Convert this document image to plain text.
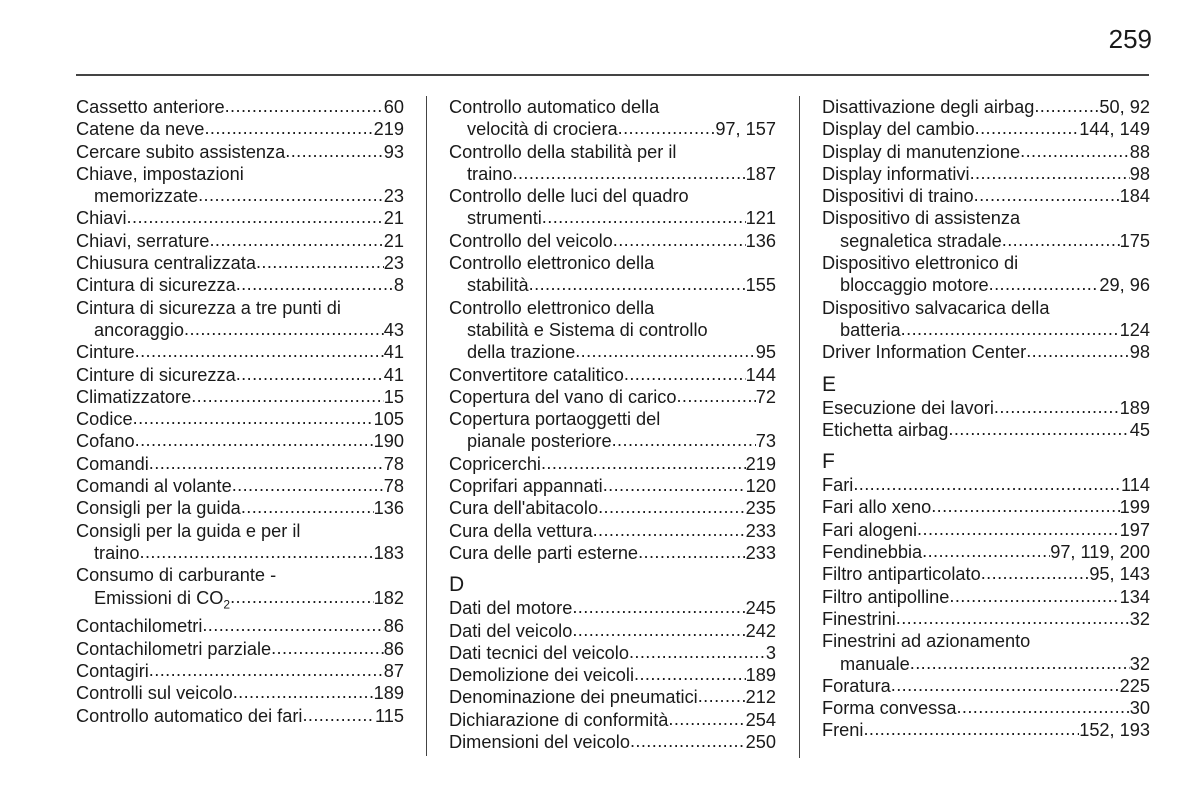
259
Cassetto anteriore .....	60
Catene da neve .....	219
Cercare subito assistenza .....	93
Chiave, impostazioni
memorizzate .....	23
Chiavi .....	21
Chiavi, serrature .....	21
Chiusura centralizzata .....	23
Cintura di sicurezza .....	8
Cintura di sicurezza a tre punti di
ancoraggio .....	43
Cinture .....	41
Cinture di sicurezza .....	41
Climatizzatore .....	15
Codice .....	105
Cofano .....	190
Comandi .....	78
Comandi al volante .....	78
Consigli per la guida .....	136
Consigli per la guida e per il
traino .....	183
Consumo di carburante -
Emissioni di $CO_2$ .....	182
Contachilometri .....	86
Contachilometri parziale .....	86
Contagiri .....	87
Controlli sul veicolo .....	189
Controllo automatico dei fari .....	115
Controllo automatico della
velocità di crociera .....	97, 157
Controllo della stabilità per il
traino .....	187
Controllo delle luci del quadro
strumenti .....	121
Controllo del veicolo .....	136
Controllo elettronico della
stabilità .....	155
Controllo elettronico della
stabilità e Sistema di controllo
della trazione .....	95
Convertitore catalitico .....	144
Copertura del vano di carico .....	72
Copertura portaoggetti del
pianale posteriore .....	73
Copricerchi .....	219
Coprifari appannati .....	120
Cura dell'abitacolo .....	235
Cura della vettura .....	233
Cura delle parti esterne .....	233
D
Dati del motore .....	245
Dati del veicolo .....	242
Dati tecnici del veicolo .....	3
Demolizione dei veicoli .....	189
Denominazione dei pneumatici .....	212
Dichiarazione di conformità .....	254
Dimensioni del veicolo .....	250
Disattivazione degli airbag .....	50, 92
Display del cambio .....	144, 149
Display di manutenzione .....	88
Display informativi .....	98
Dispositivi di traino .....	184
Dispositivo di assistenza
segnaletica stradale .....	175
Dispositivo elettronico di
bloccaggio motore .....	29, 96
Dispositivo salvacarica della
batteria .....	124
Driver Information Center .....	98
E
Esecuzione dei lavori .....	189
Etichetta airbag .....	45
F
Fari .....	114
Fari allo xeno .....	199
Fari alogeni .....	197
Fendinebbia .....	97, 119, 200
Filtro antiparticolato .....	95, 143
Filtro antipolline .....	134
Finestrini .....	32
Finestrini ad azionamento
manuale .....	32
Foratura .....	225
Forma convessa .....	30
Freni .....	152, 193
